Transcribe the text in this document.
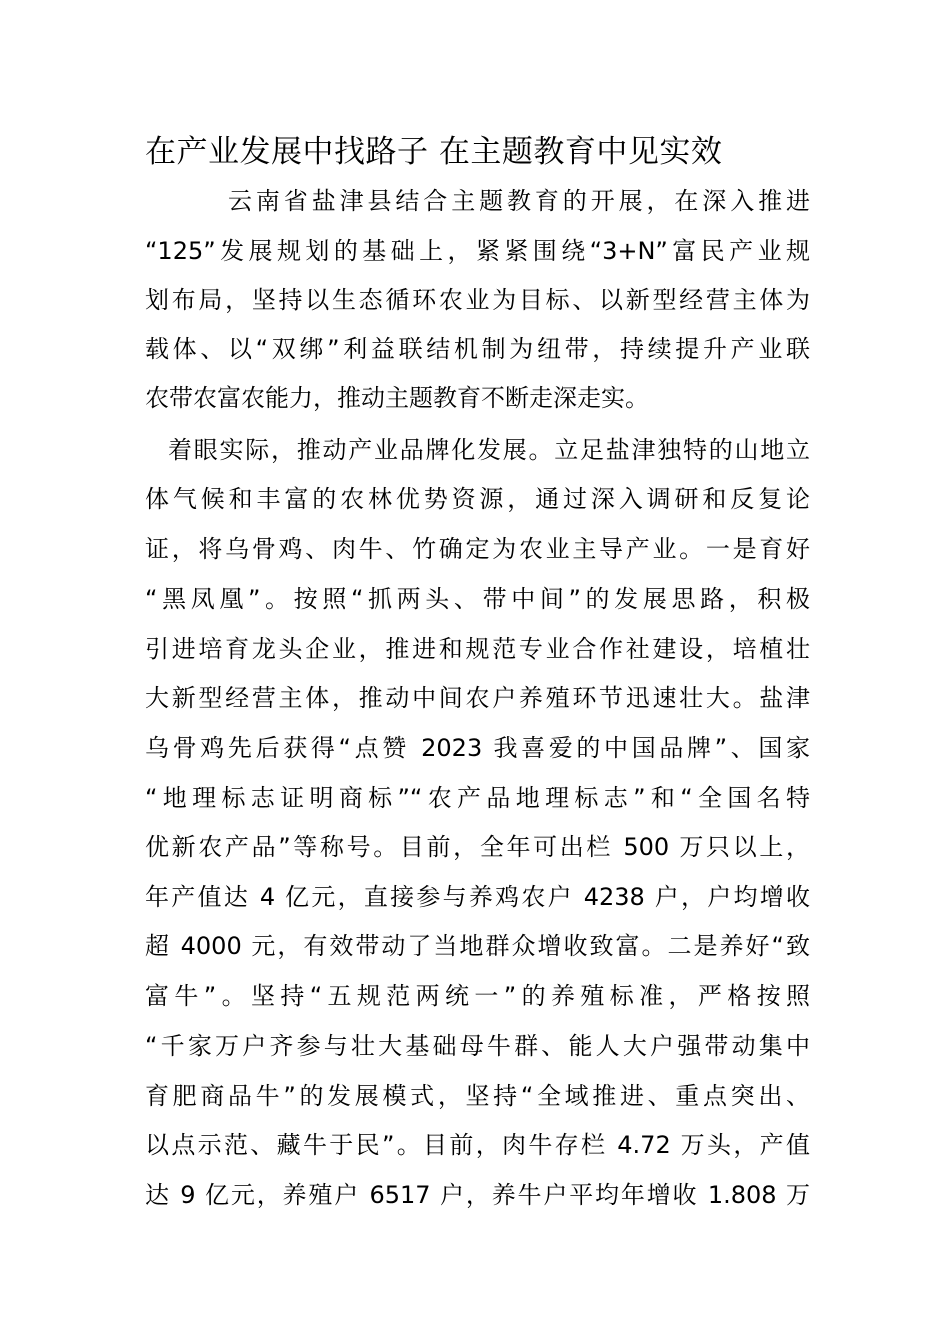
在产业发展中找路子 在主题教育中见实效
云南省盐津县结合主题教育的开展，在深入推进
“125”发展规划的基础上，紧紧围绕“3+N”富民产业规
划布局，坚持以生态循环农业为目标、以新型经营主体为
载体、以“双绑”利益联结机制为纽带，持续提升产业联
农带农富农能力，推动主题教育不断走深走实。
着眼实际，推动产业品牌化发展。立足盐津独特的山地立
体气候和丰富的农林优势资源，通过深入调研和反复论
证，将乌骨鸡、肉牛、竹确定为农业主导产业。一是育好
“黑凤凰”。按照“抓两头、带中间”的发展思路，积极
引进培育龙头企业，推进和规范专业合作社建设，培植壮
大新型经营主体，推动中间农户养殖环节迅速壮大。盐津
乌骨鸡先后获得“点赞 2023 我喜爱的中国品牌”、国家
“地理标志证明商标”“农产品地理标志”和“全国名特
优新农产品”等称号。目前，全年可出栏 500 万只以上，
年产值达 4 亿元，直接参与养鸡农户 4238 户，户均增收
超 4000 元，有效带动了当地群众增收致富。二是养好“致
富牛”。坚持“五规范两统一”的养殖标准，严格按照
“千家万户齐参与壮大基础母牛群、能人大户强带动集中
育肥商品牛”的发展模式，坚持“全域推进、重点突出、
以点示范、藏牛于民”。目前，肉牛存栏 4.72 万头，产值
达 9 亿元，养殖户 6517 户，养牛户平均年增收 1.808 万
